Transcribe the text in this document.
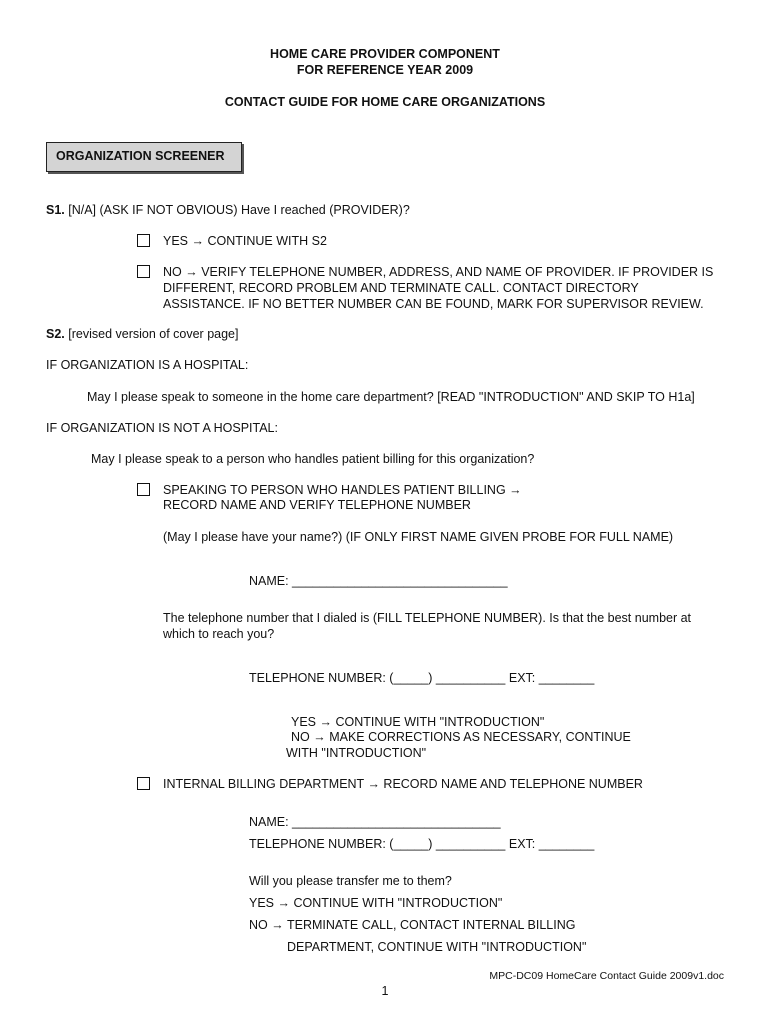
HOME CARE PROVIDER COMPONENT
FOR REFERENCE YEAR 2009
CONTACT GUIDE FOR HOME CARE ORGANIZATIONS
ORGANIZATION SCREENER
S1. [N/A] (ASK IF NOT OBVIOUS) Have I reached (PROVIDER)?
YES → CONTINUE WITH S2
NO → VERIFY TELEPHONE NUMBER, ADDRESS, AND NAME OF PROVIDER. IF PROVIDER IS
DIFFERENT, RECORD PROBLEM AND TERMINATE CALL. CONTACT DIRECTORY
ASSISTANCE. IF NO BETTER NUMBER CAN BE FOUND, MARK FOR SUPERVISOR REVIEW.
S2. [revised version of cover page]
IF ORGANIZATION IS A HOSPITAL:
May I please speak to someone in the home care department? [READ "INTRODUCTION" AND SKIP TO H1a]
IF ORGANIZATION IS NOT A HOSPITAL:
May I please speak to a person who handles patient billing for this organization?
SPEAKING TO PERSON WHO HANDLES PATIENT BILLING →
RECORD NAME AND VERIFY TELEPHONE NUMBER
(May I please have your name?) (IF ONLY FIRST NAME GIVEN PROBE FOR FULL NAME)
NAME: _______________________________
The telephone number that I dialed is (FILL TELEPHONE NUMBER). Is that the best number at
which to reach you?
TELEPHONE NUMBER: (_____) __________ EXT: ________
YES → CONTINUE WITH "INTRODUCTION"
NO → MAKE CORRECTIONS AS NECESSARY, CONTINUE
WITH "INTRODUCTION"
INTERNAL BILLING DEPARTMENT → RECORD NAME AND TELEPHONE NUMBER
NAME: ______________________________
TELEPHONE NUMBER: (_____) __________ EXT: ________
Will you please transfer me to them?
YES → CONTINUE WITH "INTRODUCTION"
NO → TERMINATE CALL, CONTACT INTERNAL BILLING
DEPARTMENT, CONTINUE WITH "INTRODUCTION"
MPC-DC09 HomeCare Contact Guide 2009v1.doc
1
